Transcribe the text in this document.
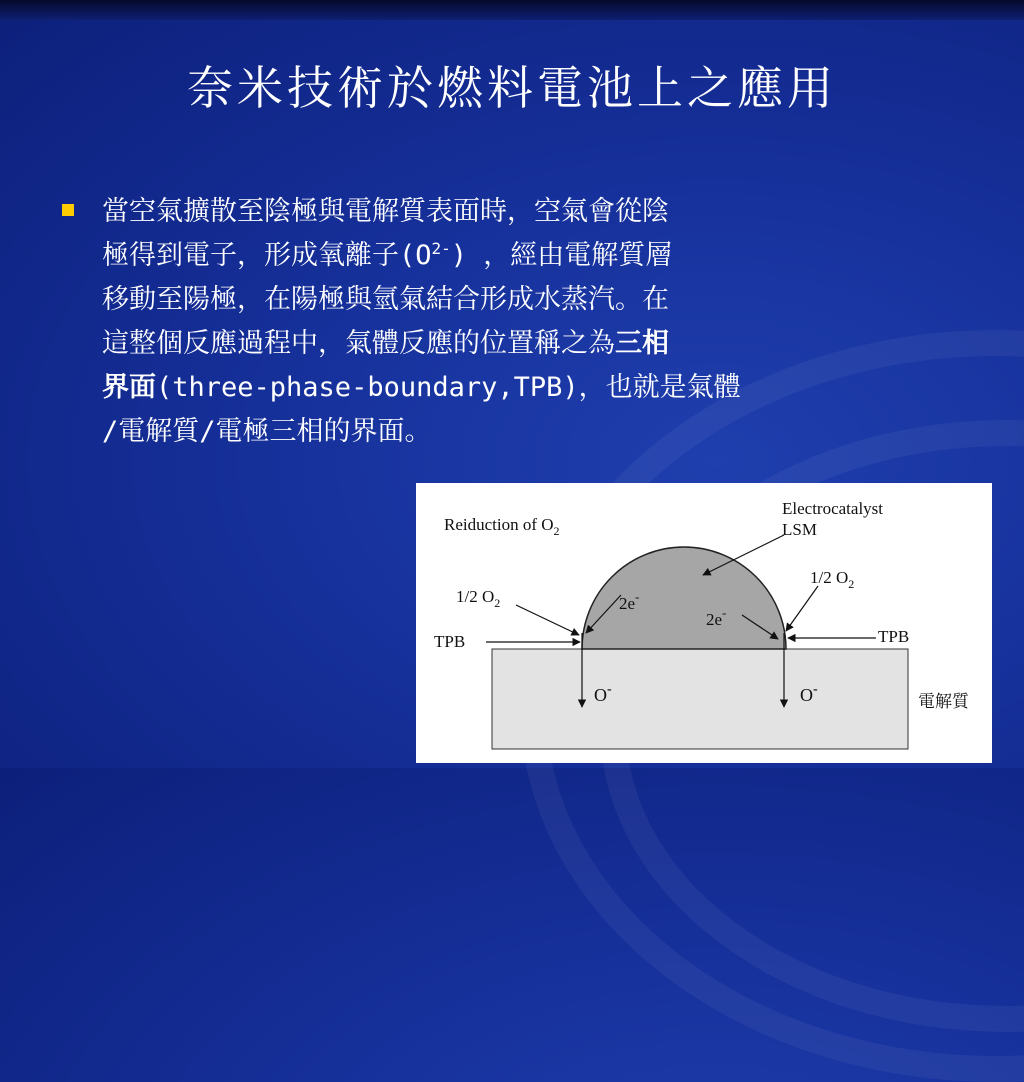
奈米技術於燃料電池上之應用
當空氣擴散至陰極與電解質表面時，空氣會從陰
極得到電子，形成氧離子$(O^{2-})$ ，經由電解質層
移動至陽極，在陽極與氫氣結合形成水蒸汽。在
這整個反應過程中，氣體反應的位置稱之為三相
界面(three-phase-boundary,TPB)，也就是氣體
/電解質/電極三相的界面。
Reiduction of $O_2$
Electrocatalyst
LSM
1/2 $O_2$
1/2 $O_2$
2e-
2e-
TPB	TPB
O-	O-
電解質
